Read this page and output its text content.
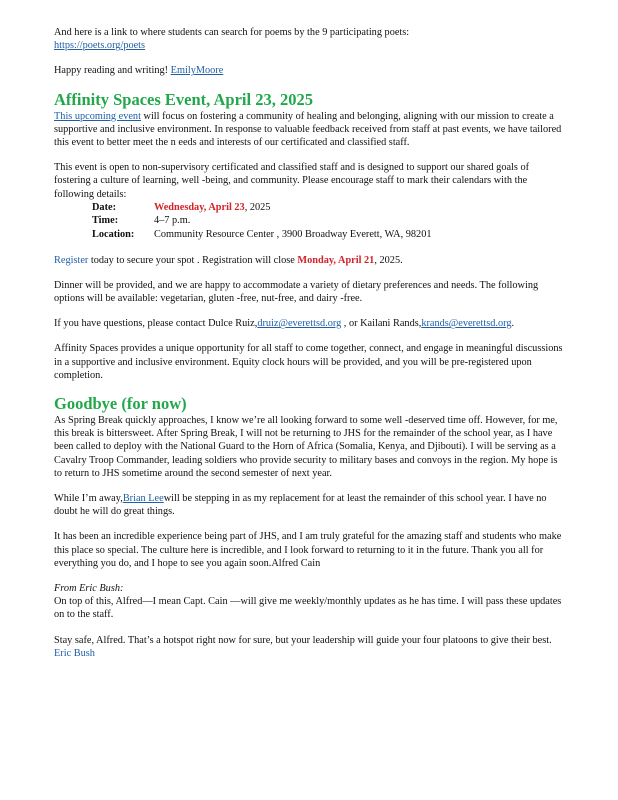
And here is a link to where students can search for poems by the 9 participating poets:
https://poets.org/poets

Happy reading and writing! EmilyMoore

Affinity Spaces Event, April 23, 2025

This upcoming event will focus on fostering a community of healing and belonging, aligning with our mission to create a supportive and inclusive environment. In response to valuable feedback received from staff at past events, we have tailored this event to better meet the n eeds and interests of our certificated and classified staff.

This event is open to non-supervisory certificated and classified staff and is designed to support our shared goals of fostering a culture of learning, well -being, and community. Please encourage staff to mark their calendars with the following details:

Date:	Wednesday, April 23, 2025
Time:	4–7 p.m.
Location:	Community Resource Center , 3900 Broadway Everett, WA, 98201

Register today to secure your spot . Registration will close Monday, April 21, 2025.

Dinner will be provided, and we are happy to accommodate a variety of dietary preferences and needs. The following options will be available: vegetarian, gluten -free, nut-free, and dairy -free.

If you have questions, please contact Dulce Ruiz,druiz@everettsd.org , or Kailani Rands,krands@everettsd.org.

Affinity Spaces provides a unique opportunity for all staff to come together, connect, and engage in meaningful discussions in a supportive and inclusive environment. Equity clock hours will be provided, and you will be pre-registered upon completion.

Goodbye (for now)

As Spring Break quickly approaches, I know we’re all looking forward to some well -deserved time off. However, for me, this break is bittersweet. After Spring Break, I will not be returning to JHS for the remainder of the school year, as I have been called to deploy with the National Guard to the Horn of Africa (Somalia, Kenya, and Djibouti). I will be serving as a Cavalry Troop Commander, leading soldiers who provide security to military bases and convoys in the region. My hope is to return to JHS sometime around the second semester of next year.

While I’m away,Brian Leewill be stepping in as my replacement for at least the remainder of this school year. I have no doubt he will do great things.

It has been an incredible experience being part of JHS, and I am truly grateful for the amazing staff and students who make this place so special. The culture here is incredible, and I look forward to returning to it in the future. Thank you all for everything you do, and I hope to see you again soon.Alfred Cain

From Eric Bush:

On top of this, Alfred—I mean Capt. Cain —will give me weekly/monthly updates as he has time. I will pass these updates on to the staff.

Stay safe, Alfred. That’s a hotspot right now for sure, but your leadership will guide your four platoons to give their best. Eric Bush
